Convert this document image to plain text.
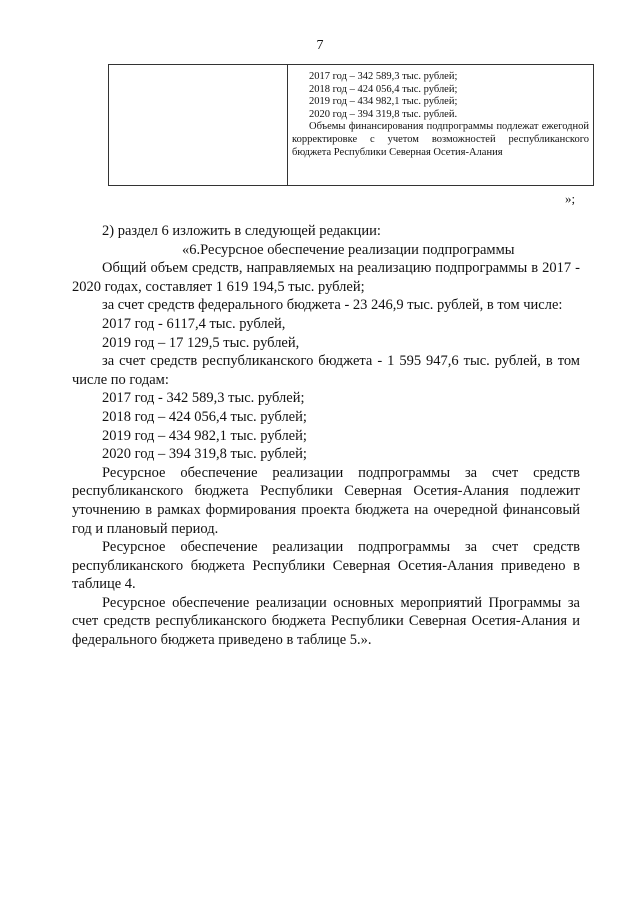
7
2017 год – 342 589,3 тыс. рублей;
2018 год – 424 056,4 тыс. рублей;
2019 год – 434 982,1 тыс. рублей;
2020 год – 394 319,8 тыс. рублей.
Объемы финансирования подпрограммы подлежат ежегодной корректировке с учетом возможностей республиканского бюджета Республики Северная Осетия-Алания
»;

2) раздел 6 изложить в следующей редакции:

«6.Ресурсное обеспечение реализации подпрограммы

Общий объем средств, направляемых на реализацию подпрограммы в 2017 - 2020 годах, составляет 1 619 194,5 тыс. рублей;

за счет средств федерального бюджета - 23 246,9 тыс. рублей, в том числе:

2017 год - 6117,4 тыс. рублей,

2019 год – 17 129,5 тыс. рублей,

за счет средств республиканского бюджета - 1 595 947,6 тыс. рублей, в том числе по годам:

2017 год - 342 589,3 тыс. рублей;

2018 год – 424 056,4 тыс. рублей;

2019 год – 434 982,1 тыс. рублей;

2020 год – 394 319,8 тыс. рублей;

Ресурсное обеспечение реализации подпрограммы за счет средств республиканского бюджета Республики Северная Осетия-Алания подлежит уточнению в рамках формирования проекта бюджета на очередной финансовый год и плановый период.

Ресурсное обеспечение реализации подпрограммы за счет средств республиканского бюджета Республики Северная Осетия-Алания приведено в таблице 4.

Ресурсное обеспечение реализации основных мероприятий Программы за счет средств республиканского бюджета Республики Северная Осетия-Алания и федерального бюджета приведено в таблице 5.».
